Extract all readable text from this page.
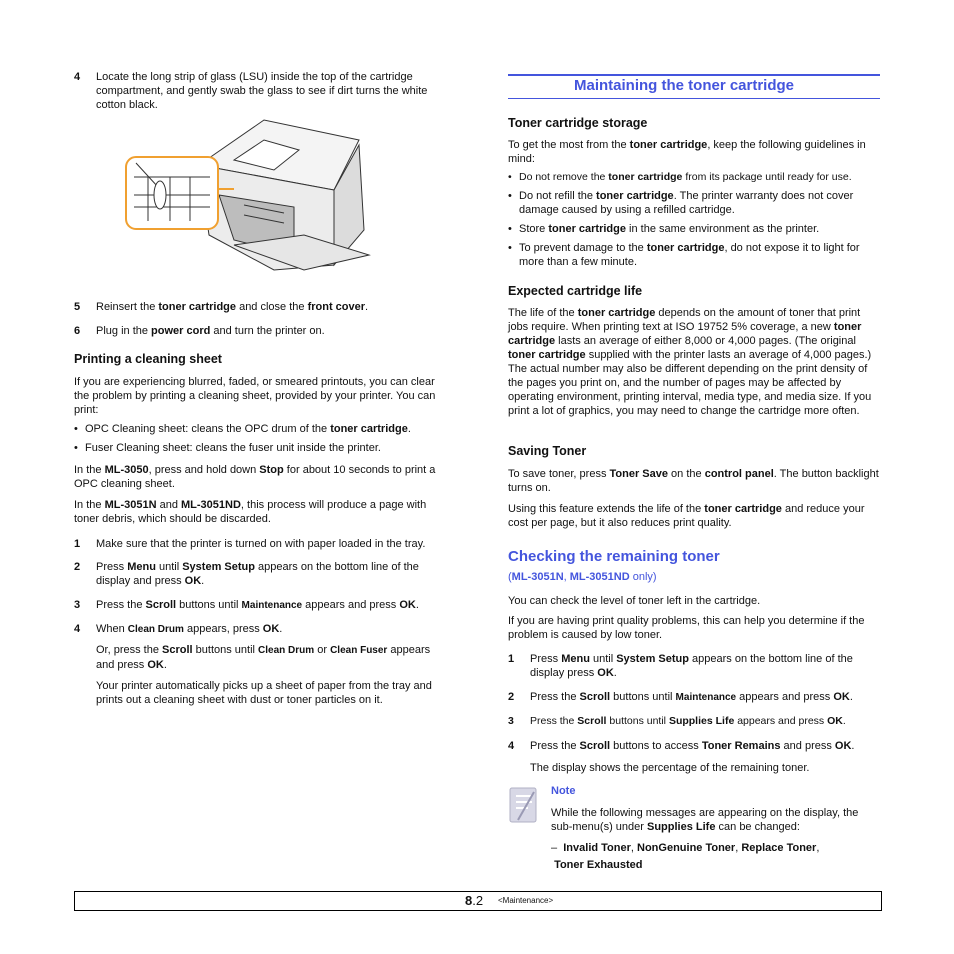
4 Locate the long strip of glass (LSU) inside the top of the cartridge compartment, and gently swab the glass to see if dirt turns the white cotton black.
5 Reinsert the toner cartridge and close the front cover.
6 Plug in the power cord and turn the printer on.
Printing a cleaning sheet

If you are experiencing blurred, faded, or smeared printouts, you can clear the problem by printing a cleaning sheet, provided by your printer. You can print:

• OPC Cleaning sheet: cleans the OPC drum of the toner cartridge.
• Fuser Cleaning sheet: cleans the fuser unit inside the printer.

In the ML-3050, press and hold down Stop for about 10 seconds to print a OPC cleaning sheet.

In the ML-3051N and ML-3051ND, this process will produce a page with toner debris, which should be discarded.

1 Make sure that the printer is turned on with paper loaded in the tray.
2 Press Menu until System Setup appears on the bottom line of the display and press OK.
3 Press the Scroll buttons until Maintenance appears and press OK.
4 When Clean Drum appears, press OK.

Or, press the Scroll buttons until Clean Drum or Clean Fuser appears and press OK.

Your printer automatically picks up a sheet of paper from the tray and prints out a cleaning sheet with dust or toner particles on it.

Maintaining the toner cartridge
Toner cartridge storage

To get the most from the toner cartridge, keep the following guidelines in mind:

• Do not remove the toner cartridge from its package until ready for use.
• Do not refill the toner cartridge. The printer warranty does not cover damage caused by using a refilled cartridge.
• Store toner cartridge in the same environment as the printer.
• To prevent damage to the toner cartridge, do not expose it to light for more than a few minute.
Expected cartridge life

The life of the toner cartridge depends on the amount of toner that print jobs require. When printing text at ISO 19752 5% coverage, a new toner cartridge lasts an average of either 8,000 or 4,000 pages. (The original toner cartridge supplied with the printer lasts an average of 4,000 pages.) The actual number may also be different depending on the print density of the pages you print on, and the number of pages may be affected by operating environment, printing interval, media type, and media size. If you print a lot of graphics, you may need to change the cartridge more often.

Saving Toner

To save toner, press Toner Save on the control panel. The button backlight turns on.

Using this feature extends the life of the toner cartridge and reduce your cost per page, but it also reduces print quality.

Checking the remaining toner

(ML-3051N, ML-3051ND only)

You can check the level of toner left in the cartridge.

If you are having print quality problems, this can help you determine if the problem is caused by low toner.

1 Press Menu until System Setup appears on the bottom line of the display press OK.
2 Press the Scroll buttons until Maintenance appears and press OK.
3 Press the Scroll buttons until Supplies Life appears and press OK.
4 Press the Scroll buttons to access Toner Remains and press OK.

The display shows the percentage of the remaining toner.

Note

While the following messages are appearing on the display, the sub-menu(s) under Supplies Life can be changed:

– Invalid Toner, NonGenuine Toner, Replace Toner,
Toner Exhausted

8.2 <Maintenance>
